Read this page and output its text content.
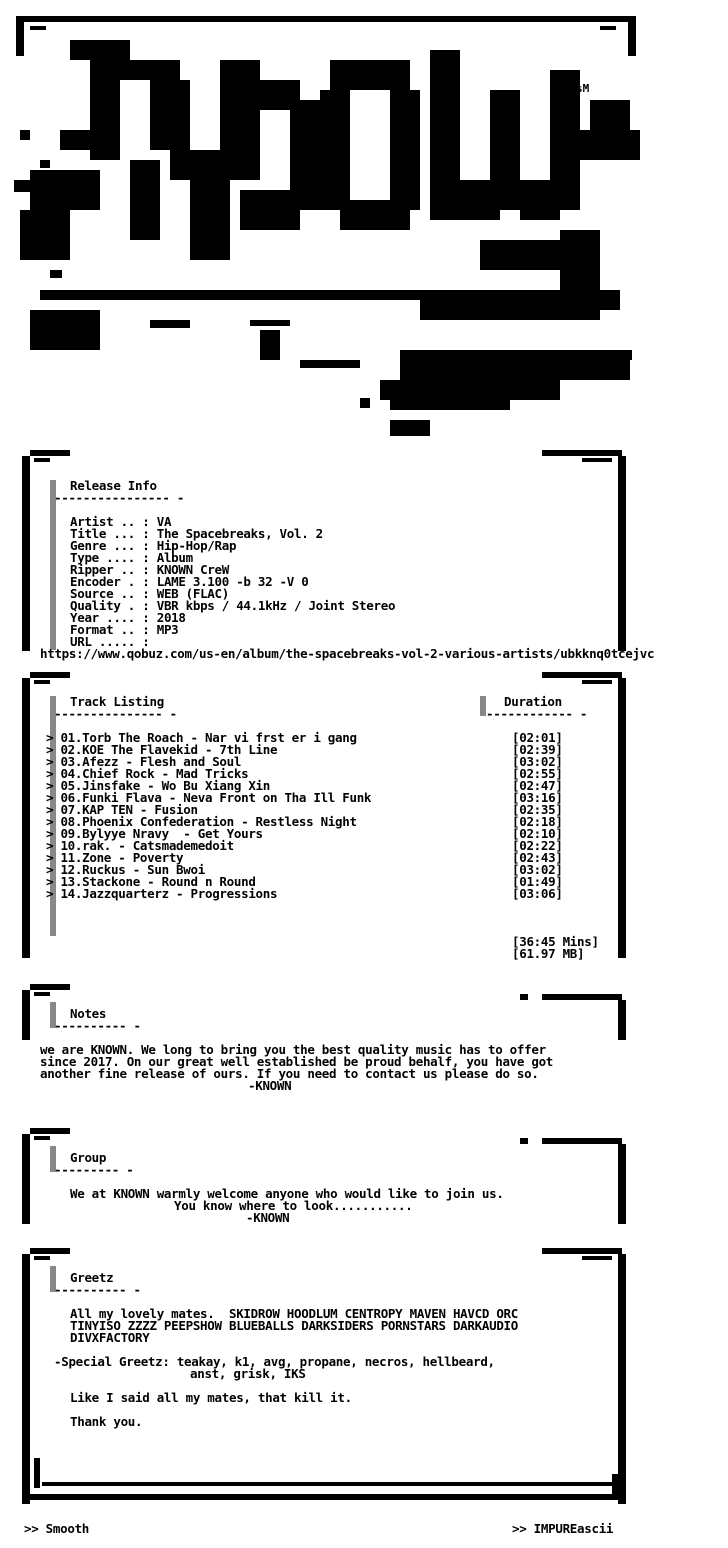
sM
Release Info
---------------- -
Artist .. : VA
Title ... : The Spacebreaks, Vol. 2
Genre ... : Hip-Hop/Rap
Type .... : Album
Ripper .. : KNOWN CreW
Encoder . : LAME 3.100 -b 32 -V 0
Source .. : WEB (FLAC)
Quality . : VBR kbps / 44.1kHz / Joint Stereo
Year .... : 2018
Format .. : MP3
URL ..... :
https://www.qobuz.com/us-en/album/the-spacebreaks-vol-2-various-artists/ubkknq0tcejvc
Track Listing
--------------- -
Duration
------------ -
> 01.Torb The Roach - Nar vi frst er i gang	[02:01]
> 02.KOE The Flavekid - 7th Line	[02:39]
> 03.Afezz - Flesh and Soul	[03:02]
> 04.Chief Rock - Mad Tricks	[02:55]
> 05.Jinsfake - Wo Bu Xiang Xin	[02:47]
> 06.Funki Flava - Neva Front on Tha Ill Funk	[03:16]
> 07.KAP TEN - Fusion	[02:35]
> 08.Phoenix Confederation - Restless Night	[02:18]
> 09.Bylyye Nravy  - Get Yours	[02:10]
> 10.rak. - Catsmademedoit	[02:22]
> 11.Zone - Poverty	[02:43]
> 12.Ruckus - Sun Bwoi	[03:02]
> 13.Stackone - Round n Round	[01:49]
> 14.Jazzquarterz - Progressions	[03:06]
[36:45 Mins]
[61.97 MB]
Notes
---------- -
we are KNOWN. We long to bring you the best quality music has to offer
since 2017. On our great well established be proud behalf, you have got
another fine release of ours. If you need to contact us please do so.
-KNOWN
Group
--------- -
We at KNOWN warmly welcome anyone who would like to join us.
You know where to look...........
-KNOWN
Greetz
---------- -
All my lovely mates.  SKIDROW HOODLUM CENTROPY MAVEN HAVCD ORC
TINYISO ZZZZ PEEPSHOW BLUEBALLS DARKSIDERS PORNSTARS DARKAUDIO
DIVXFACTORY
-Special Greetz: teakay, k1, avg, propane, necros, hellbeard,
anst, grisk, IKS
Like I said all my mates, that kill it.
Thank you.
>> Smooth	>> IMPUREascii
